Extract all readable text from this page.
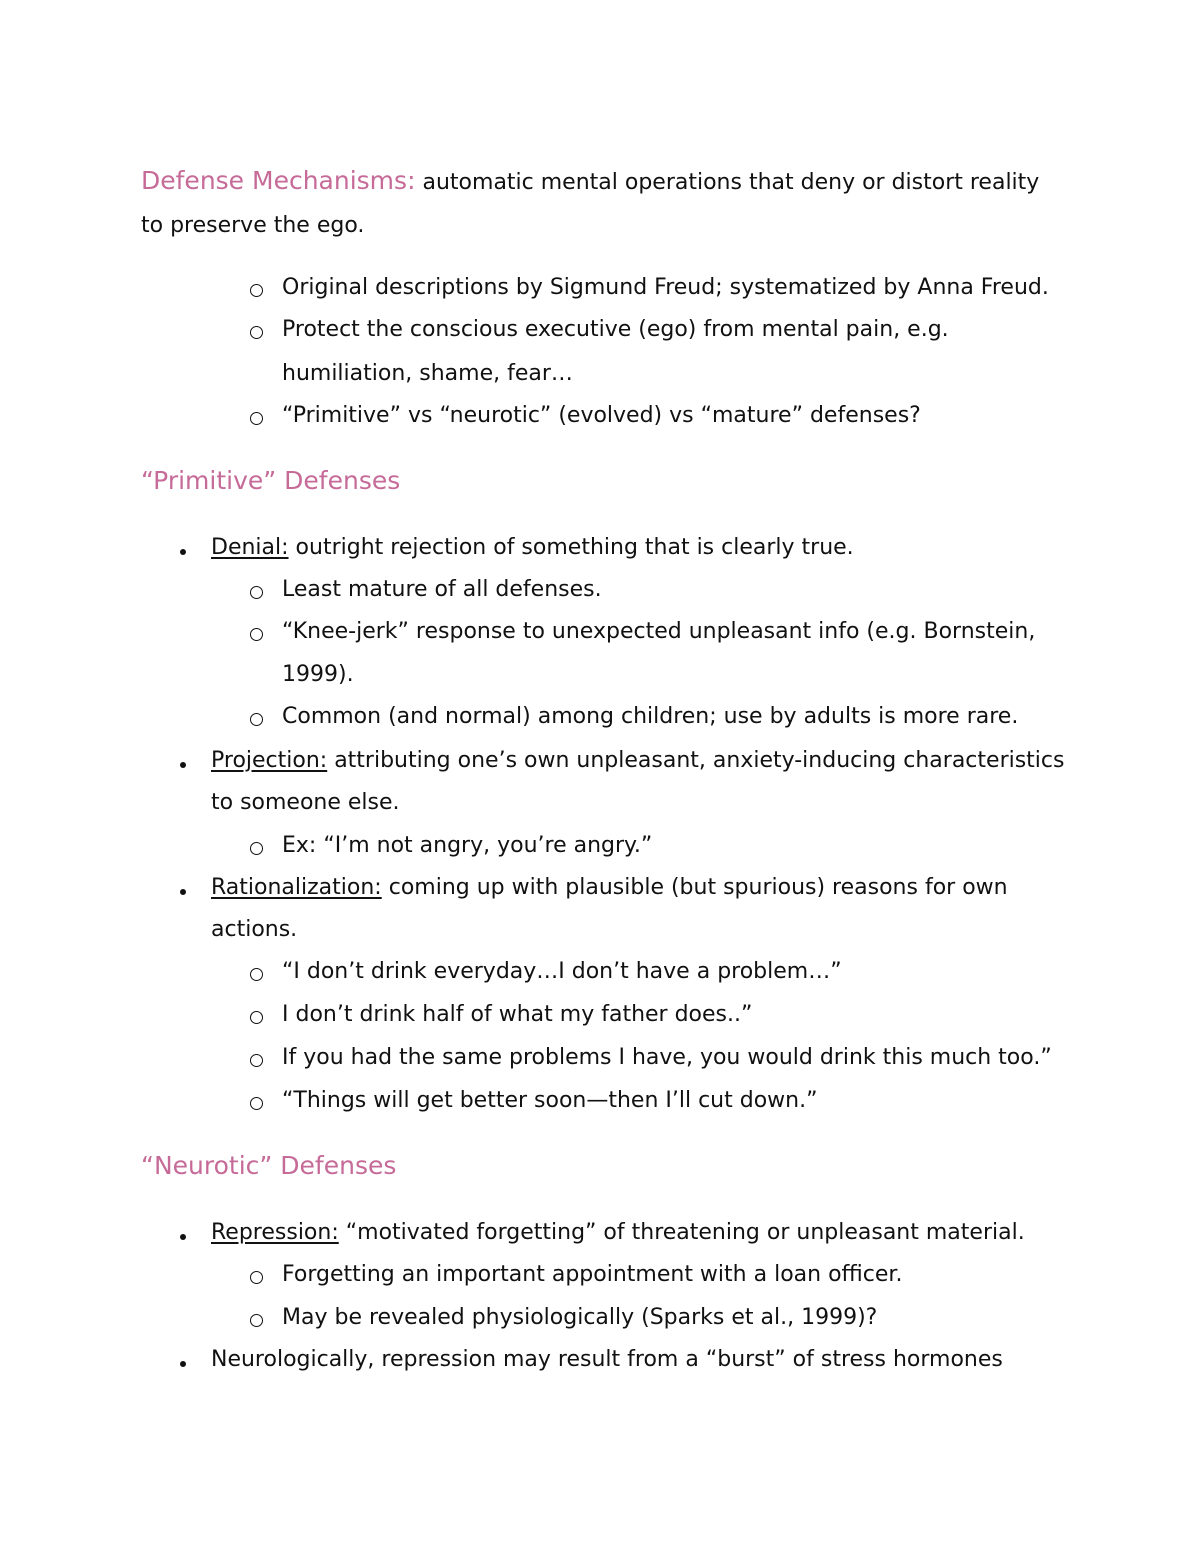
Defense Mechanisms: automatic mental operations that deny or distort reality
to preserve the ego.
Original descriptions by Sigmund Freud; systematized by Anna Freud.
Protect the conscious executive (ego) from mental pain, e.g.
humiliation, shame, fear…
“Primitive” vs “neurotic” (evolved) vs “mature” defenses?
“Primitive” Defenses
Denial: outright rejection of something that is clearly true.
Least mature of all defenses.
“Knee-jerk” response to unexpected unpleasant info (e.g. Bornstein,
1999).
Common (and normal) among children; use by adults is more rare.
Projection: attributing one’s own unpleasant, anxiety-inducing characteristics
to someone else.
Ex: “I’m not angry, you’re angry.”
Rationalization: coming up with plausible (but spurious) reasons for own
actions.
“I don’t drink everyday…I don’t have a problem…”
I don’t drink half of what my father does..”
If you had the same problems I have, you would drink this much too.”
“Things will get better soon—then I’ll cut down.”
“Neurotic” Defenses
Repression: “motivated forgetting” of threatening or unpleasant material.
Forgetting an important appointment with a loan officer.
May be revealed physiologically (Sparks et al., 1999)?
Neurologically, repression may result from a “burst” of stress hormones
